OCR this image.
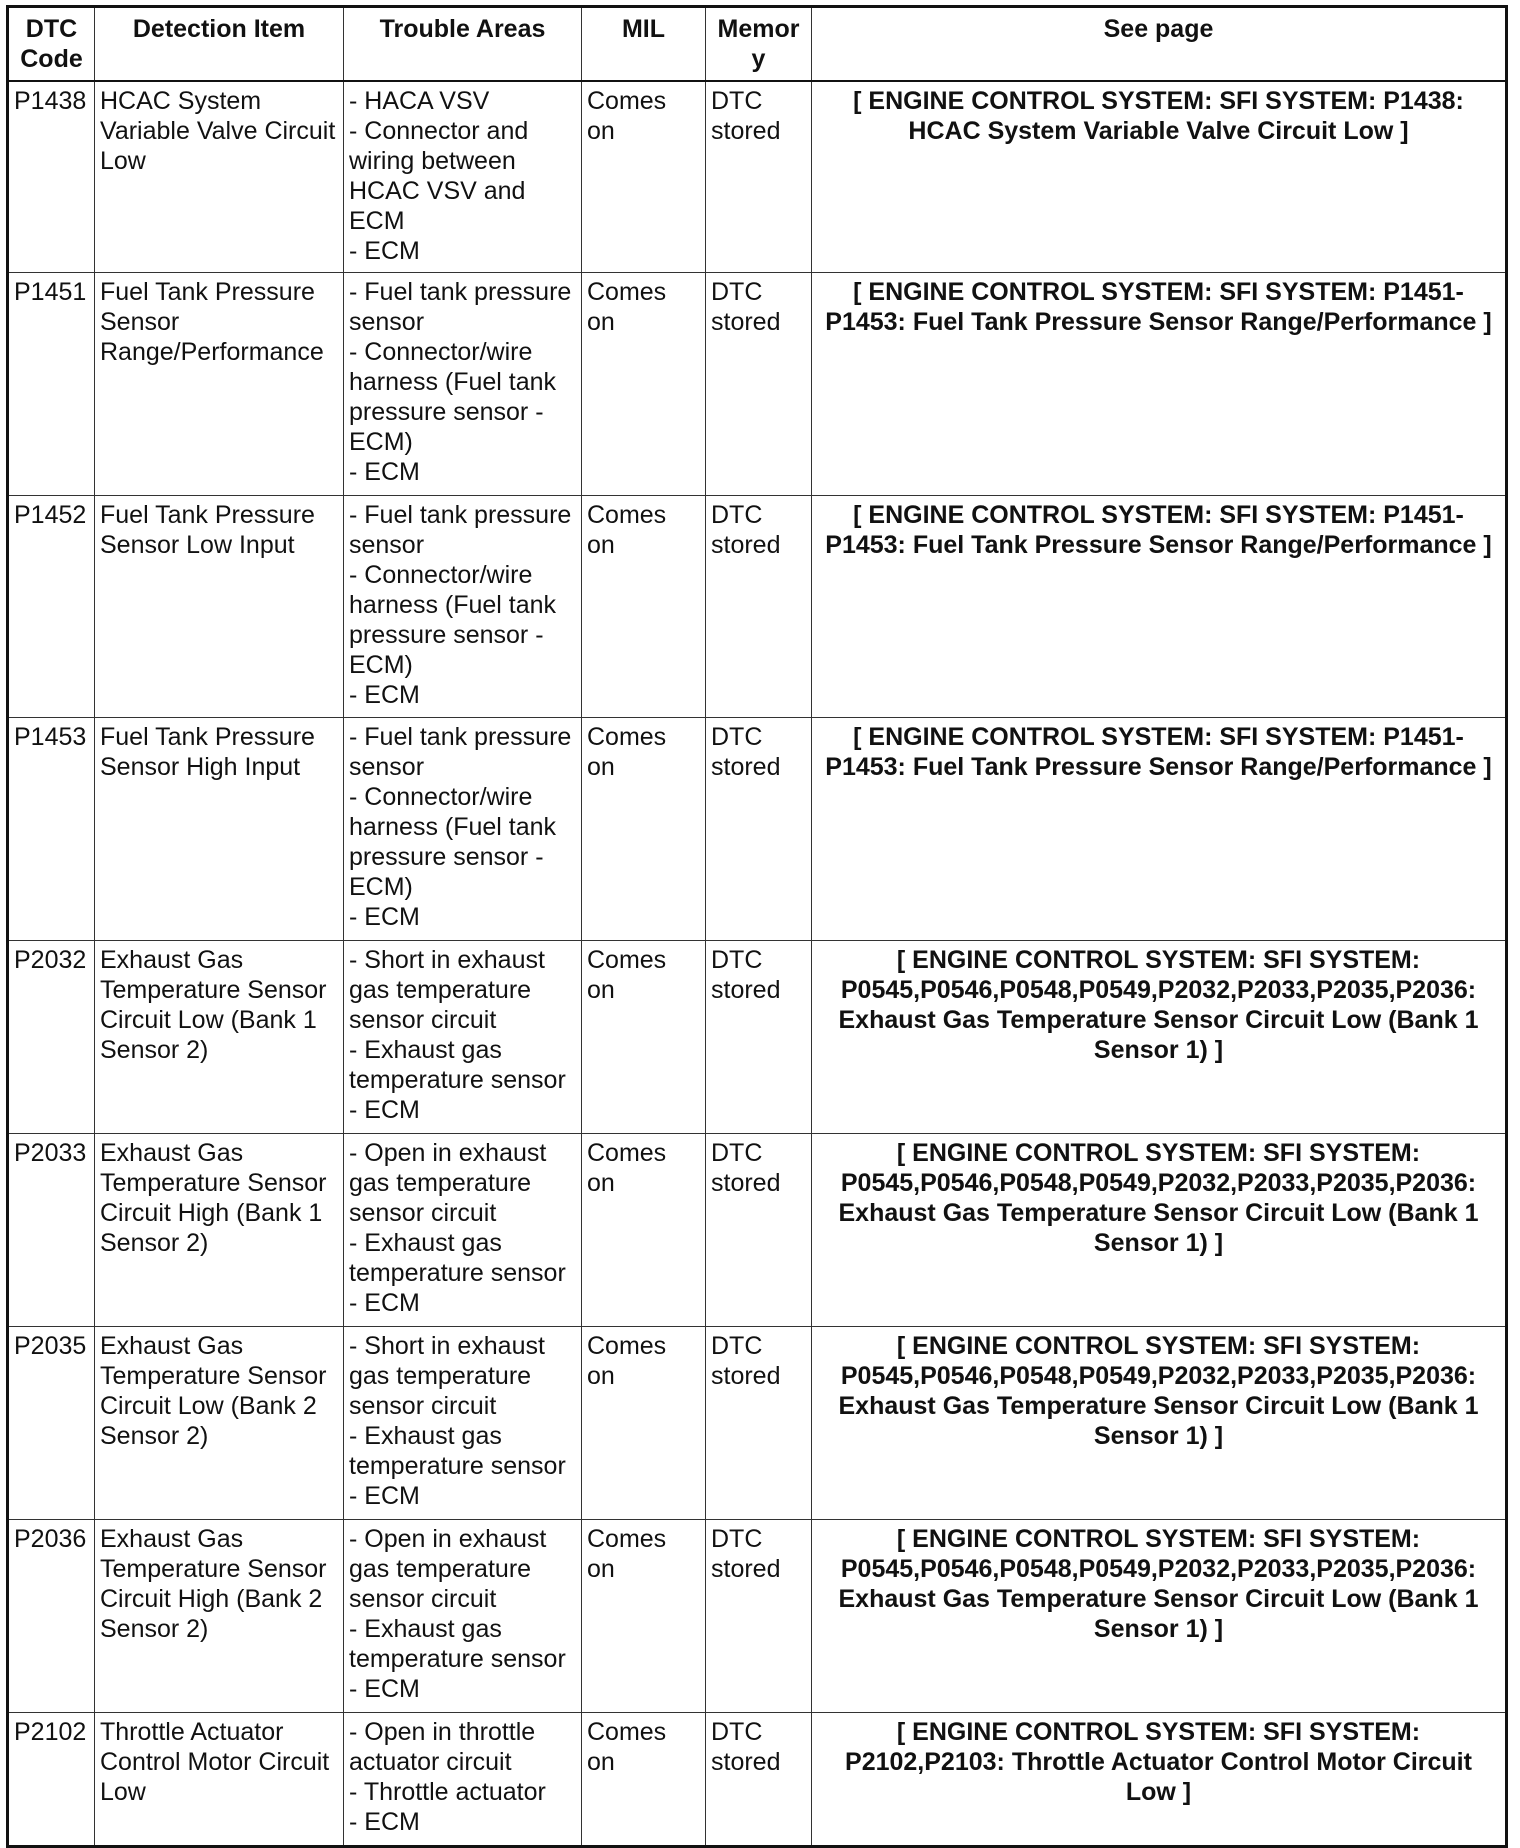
DTC
Code	Detection Item	Trouble Areas	MIL	Memory	See page
P1438	HCAC System Variable Valve Circuit Low	- HACA VSV
- Connector and wiring between HCAC VSV and ECM
- ECM	Comes on	DTC stored	[ ENGINE CONTROL SYSTEM: SFI SYSTEM: P1438: HCAC System Variable Valve Circuit Low ]
P1451	Fuel Tank Pressure Sensor Range/Performance	- Fuel tank pressure sensor
- Connector/wire harness (Fuel tank pressure sensor - ECM)
- ECM	Comes on	DTC stored	[ ENGINE CONTROL SYSTEM: SFI SYSTEM: P1451-P1453: Fuel Tank Pressure Sensor Range/Performance ]
P1452	Fuel Tank Pressure Sensor Low Input	- Fuel tank pressure sensor
- Connector/wire harness (Fuel tank pressure sensor - ECM)
- ECM	Comes on	DTC stored	[ ENGINE CONTROL SYSTEM: SFI SYSTEM: P1451-P1453: Fuel Tank Pressure Sensor Range/Performance ]
P1453	Fuel Tank Pressure Sensor High Input	- Fuel tank pressure sensor
- Connector/wire harness (Fuel tank pressure sensor - ECM)
- ECM	Comes on	DTC stored	[ ENGINE CONTROL SYSTEM: SFI SYSTEM: P1451-P1453: Fuel Tank Pressure Sensor Range/Performance ]
P2032	Exhaust Gas Temperature Sensor Circuit Low (Bank 1 Sensor 2)	- Short in exhaust gas temperature sensor circuit
- Exhaust gas temperature sensor
- ECM	Comes on	DTC stored	[ ENGINE CONTROL SYSTEM: SFI SYSTEM: P0545,P0546,P0548,P0549,P2032,P2033,P2035,P2036: Exhaust Gas Temperature Sensor Circuit Low (Bank 1 Sensor 1) ]
P2033	Exhaust Gas Temperature Sensor Circuit High (Bank 1 Sensor 2)	- Open in exhaust gas temperature sensor circuit
- Exhaust gas temperature sensor
- ECM	Comes on	DTC stored	[ ENGINE CONTROL SYSTEM: SFI SYSTEM: P0545,P0546,P0548,P0549,P2032,P2033,P2035,P2036: Exhaust Gas Temperature Sensor Circuit Low (Bank 1 Sensor 1) ]
P2035	Exhaust Gas Temperature Sensor Circuit Low (Bank 2 Sensor 2)	- Short in exhaust gas temperature sensor circuit
- Exhaust gas temperature sensor
- ECM	Comes on	DTC stored	[ ENGINE CONTROL SYSTEM: SFI SYSTEM: P0545,P0546,P0548,P0549,P2032,P2033,P2035,P2036: Exhaust Gas Temperature Sensor Circuit Low (Bank 1 Sensor 1) ]
P2036	Exhaust Gas Temperature Sensor Circuit High (Bank 2 Sensor 2)	- Open in exhaust gas temperature sensor circuit
- Exhaust gas temperature sensor
- ECM	Comes on	DTC stored	[ ENGINE CONTROL SYSTEM: SFI SYSTEM: P0545,P0546,P0548,P0549,P2032,P2033,P2035,P2036: Exhaust Gas Temperature Sensor Circuit Low (Bank 1 Sensor 1) ]
P2102	Throttle Actuator Control Motor Circuit Low	- Open in throttle actuator circuit
- Throttle actuator
- ECM	Comes on	DTC stored	[ ENGINE CONTROL SYSTEM: SFI SYSTEM: P2102,P2103: Throttle Actuator Control Motor Circuit Low ]
